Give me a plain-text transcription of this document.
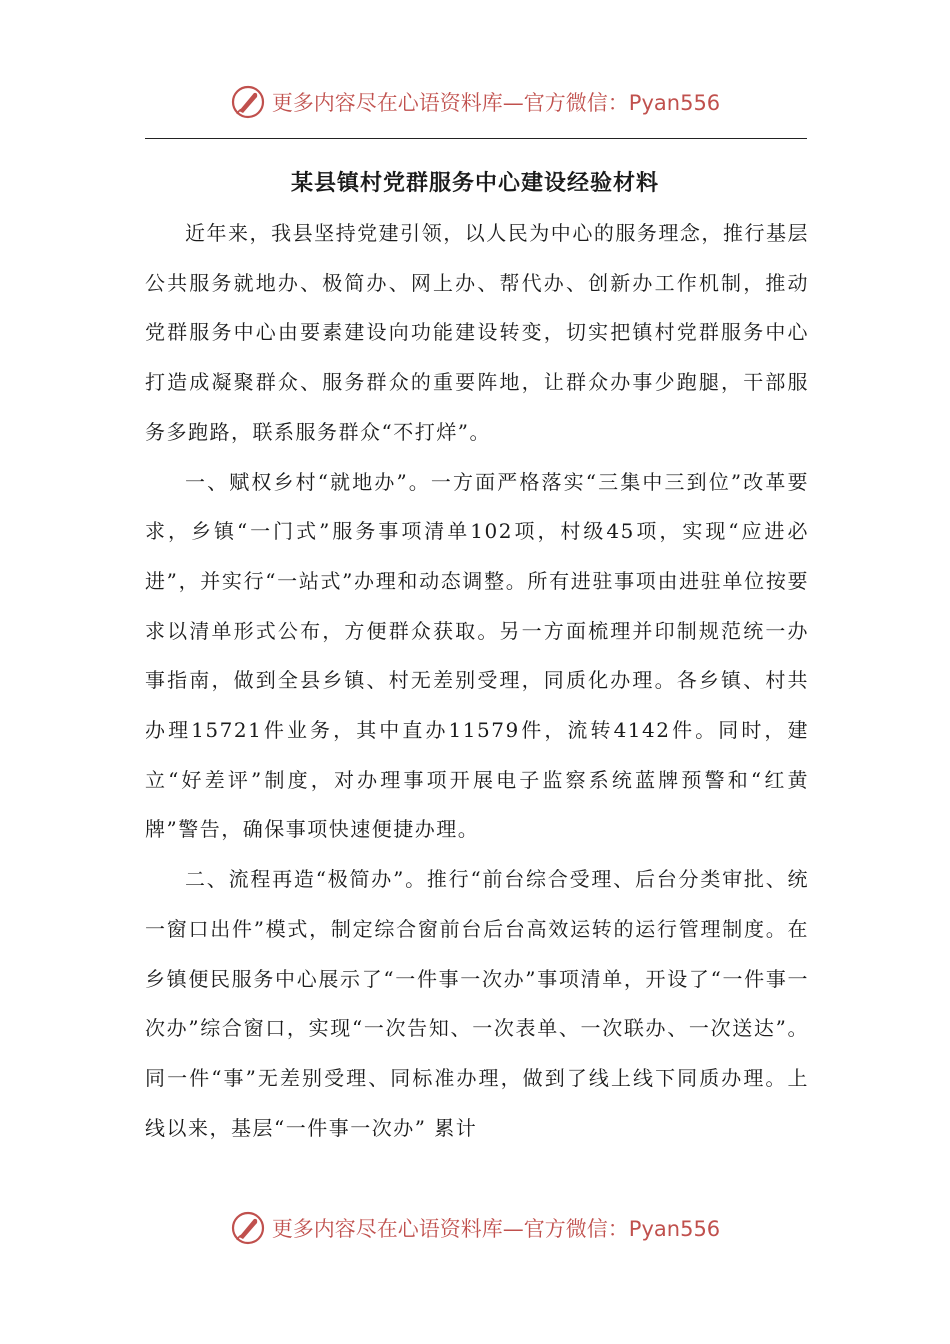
更多内容尽在心语资料库—官方微信：Pyan556
某县镇村党群服务中心建设经验材料

近年来，我县坚持党建引领，以人民为中心的服务理念，推行基层公共服务就地办、极简办、网上办、帮代办、创新办工作机制，推动党群服务中心由要素建设向功能建设转变，切实把镇村党群服务中心打造成凝聚群众、服务群众的重要阵地，让群众办事少跑腿，干部服务多跑路，联系服务群众“不打烊”。

一、赋权乡村“就地办”。一方面严格落实“三集中三到位”改革要求，乡镇“一门式”服务事项清单102项，村级45项，实现“应进必进”，并实行“一站式”办理和动态调整。所有进驻事项由进驻单位按要求以清单形式公布，方便群众获取。另一方面梳理并印制规范统一办事指南，做到全县乡镇、村无差别受理，同质化办理。各乡镇、村共办理15721件业务，其中直办11579件，流转4142件。同时，建立“好差评”制度，对办理事项开展电子监察系统蓝牌预警和“红黄牌”警告，确保事项快速便捷办理。

二、流程再造“极简办”。推行“前台综合受理、后台分类审批、统一窗口出件”模式，制定综合窗前台后台高效运转的运行管理制度。在乡镇便民服务中心展示了“一件事一次办”事项清单，开设了“一件事一次办”综合窗口，实现“一次告知、一次表单、一次联办、一次送达”。同一件“事”无差别受理、同标准办理，做到了线上线下同质办理。上线以来，基层“一件事一次办” 累计

更多内容尽在心语资料库—官方微信：Pyan556
